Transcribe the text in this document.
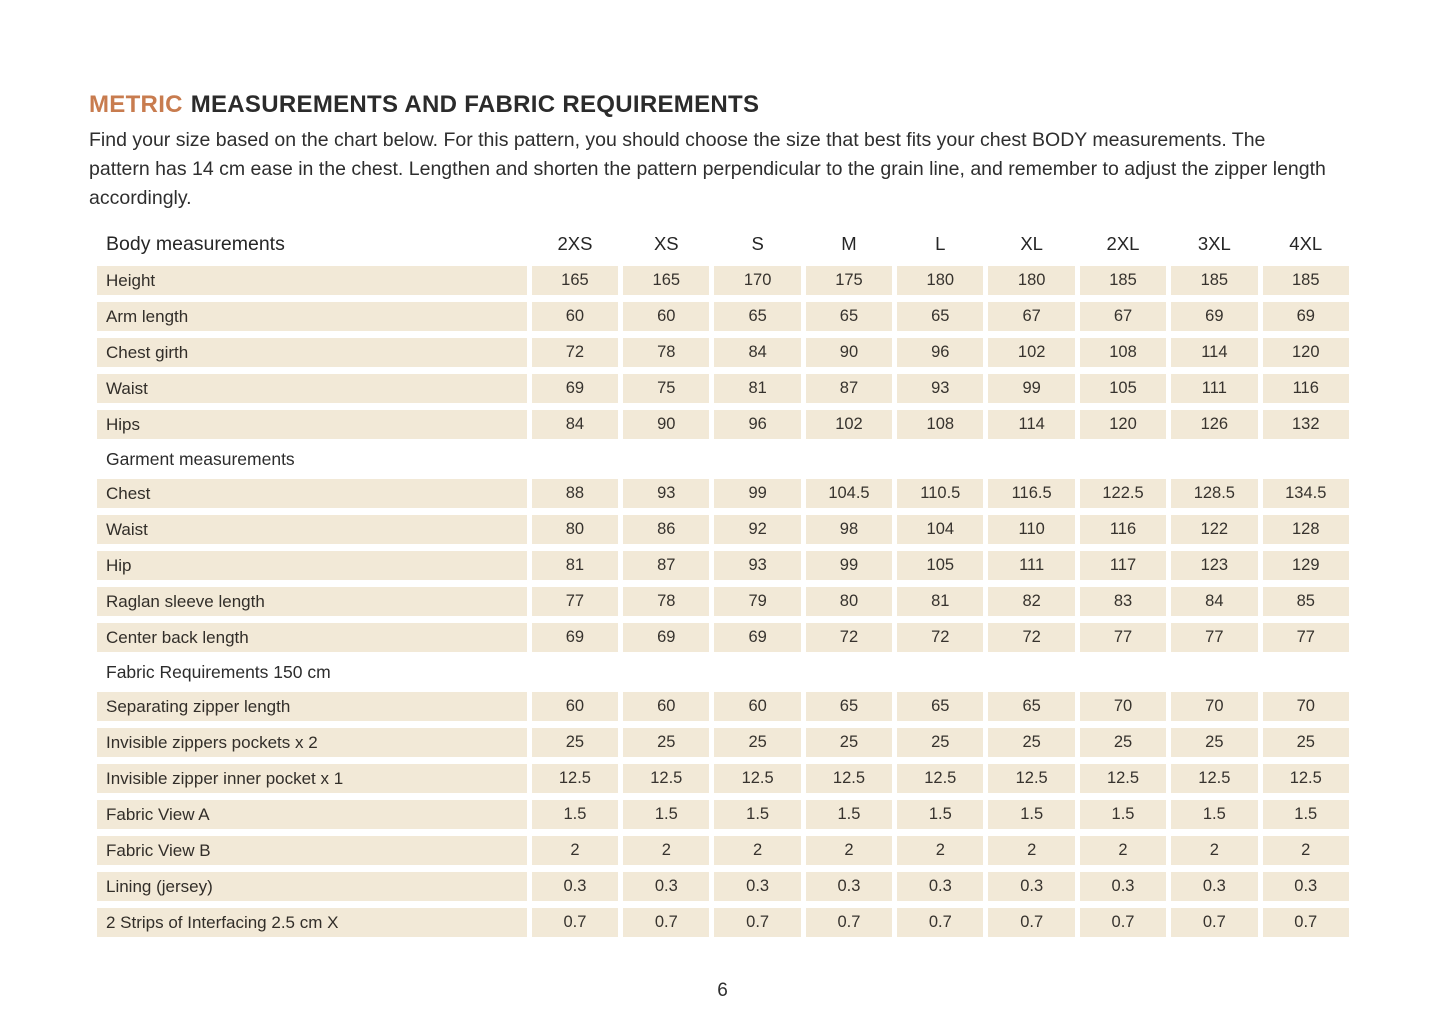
METRIC MEASUREMENTS AND FABRIC REQUIREMENTS

Find your size based on the chart below. For this pattern, you should choose the size that best fits your chest BODY measurements. The pattern has 14 cm ease in the chest. Lengthen and shorten the pattern perpendicular to the grain line, and remember to adjust the zipper length accordingly.

Body measurements	2XS	XS	S	M	L	XL	2XL	3XL	4XL
Height	165	165	170	175	180	180	185	185	185
Arm length	60	60	65	65	65	67	67	69	69
Chest girth	72	78	84	90	96	102	108	114	120
Waist	69	75	81	87	93	99	105	111	116
Hips	84	90	96	102	108	114	120	126	132
Garment measurements									
Chest	88	93	99	104.5	110.5	116.5	122.5	128.5	134.5
Waist	80	86	92	98	104	110	116	122	128
Hip	81	87	93	99	105	111	117	123	129
Raglan sleeve length	77	78	79	80	81	82	83	84	85
Center back length	69	69	69	72	72	72	77	77	77
Fabric Requirements 150 cm									
Separating zipper length	60	60	60	65	65	65	70	70	70
Invisible zippers pockets x 2	25	25	25	25	25	25	25	25	25
Invisible zipper inner pocket x 1	12.5	12.5	12.5	12.5	12.5	12.5	12.5	12.5	12.5
Fabric View A	1.5	1.5	1.5	1.5	1.5	1.5	1.5	1.5	1.5
Fabric View B	2	2	2	2	2	2	2	2	2
Lining (jersey)	0.3	0.3	0.3	0.3	0.3	0.3	0.3	0.3	0.3
2 Strips of Interfacing 2.5 cm X	0.7	0.7	0.7	0.7	0.7	0.7	0.7	0.7	0.7
6
